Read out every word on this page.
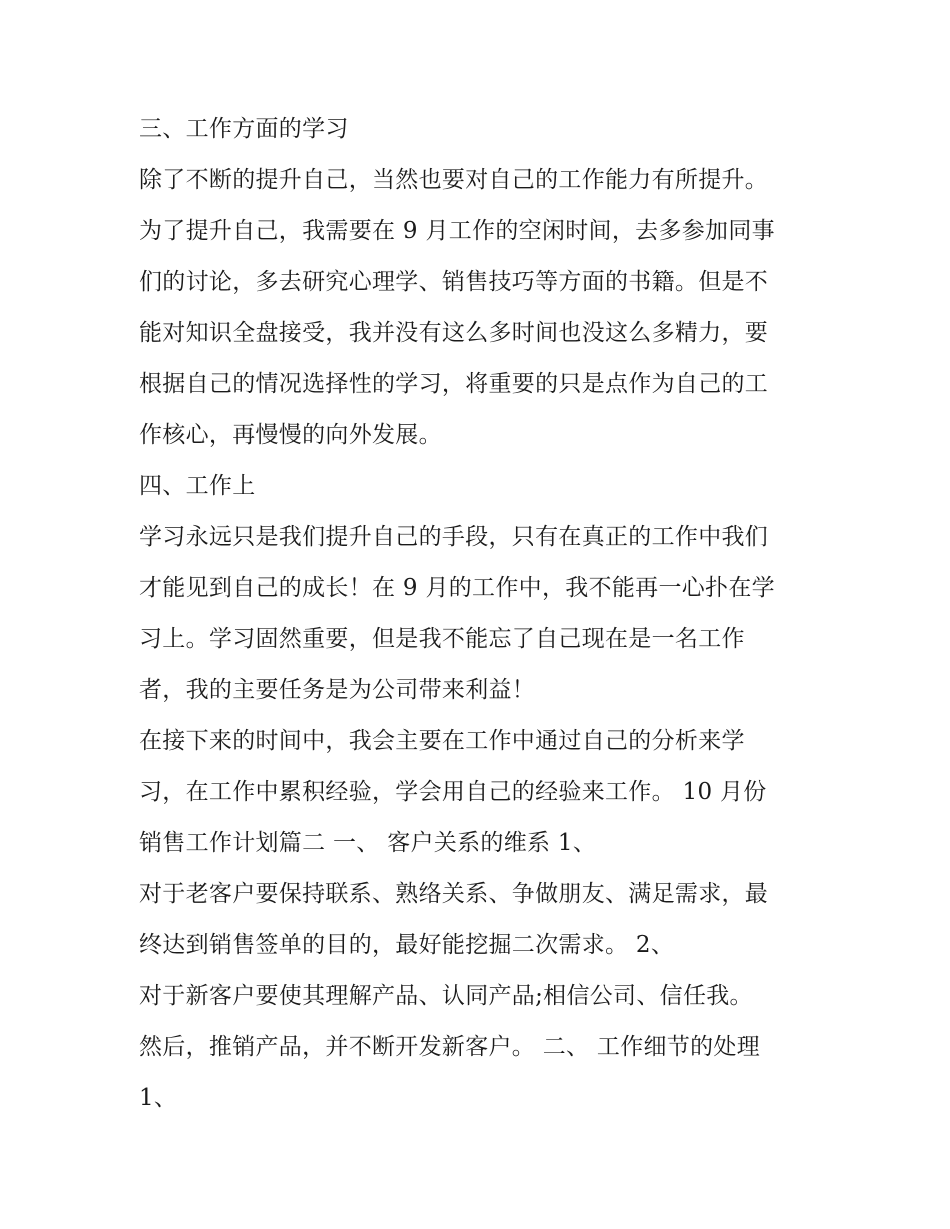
三、工作方面的学习
除了不断的提升自己，当然也要对自己的工作能力有所提升。
为了提升自己，我需要在 9 月工作的空闲时间，去多参加同事
们的讨论，多去研究心理学、销售技巧等方面的书籍。但是不
能对知识全盘接受，我并没有这么多时间也没这么多精力，要
根据自己的情况选择性的学习，将重要的只是点作为自己的工
作核心，再慢慢的向外发展。
四、工作上
学习永远只是我们提升自己的手段，只有在真正的工作中我们
才能见到自己的成长！在 9 月的工作中，我不能再一心扑在学
习上。学习固然重要，但是我不能忘了自己现在是一名工作
者，我的主要任务是为公司带来利益！
在接下来的时间中，我会主要在工作中通过自己的分析来学
习，在工作中累积经验，学会用自己的经验来工作。 10 月份
销售工作计划篇二 一、 客户关系的维系 1、
对于老客户要保持联系、熟络关系、争做朋友、满足需求，最
终达到销售签单的目的，最好能挖掘二次需求。 2、
对于新客户要使其理解产品、认同产品;相信公司、信任我。
然后，推销产品，并不断开发新客户。 二、 工作细节的处理
1、
